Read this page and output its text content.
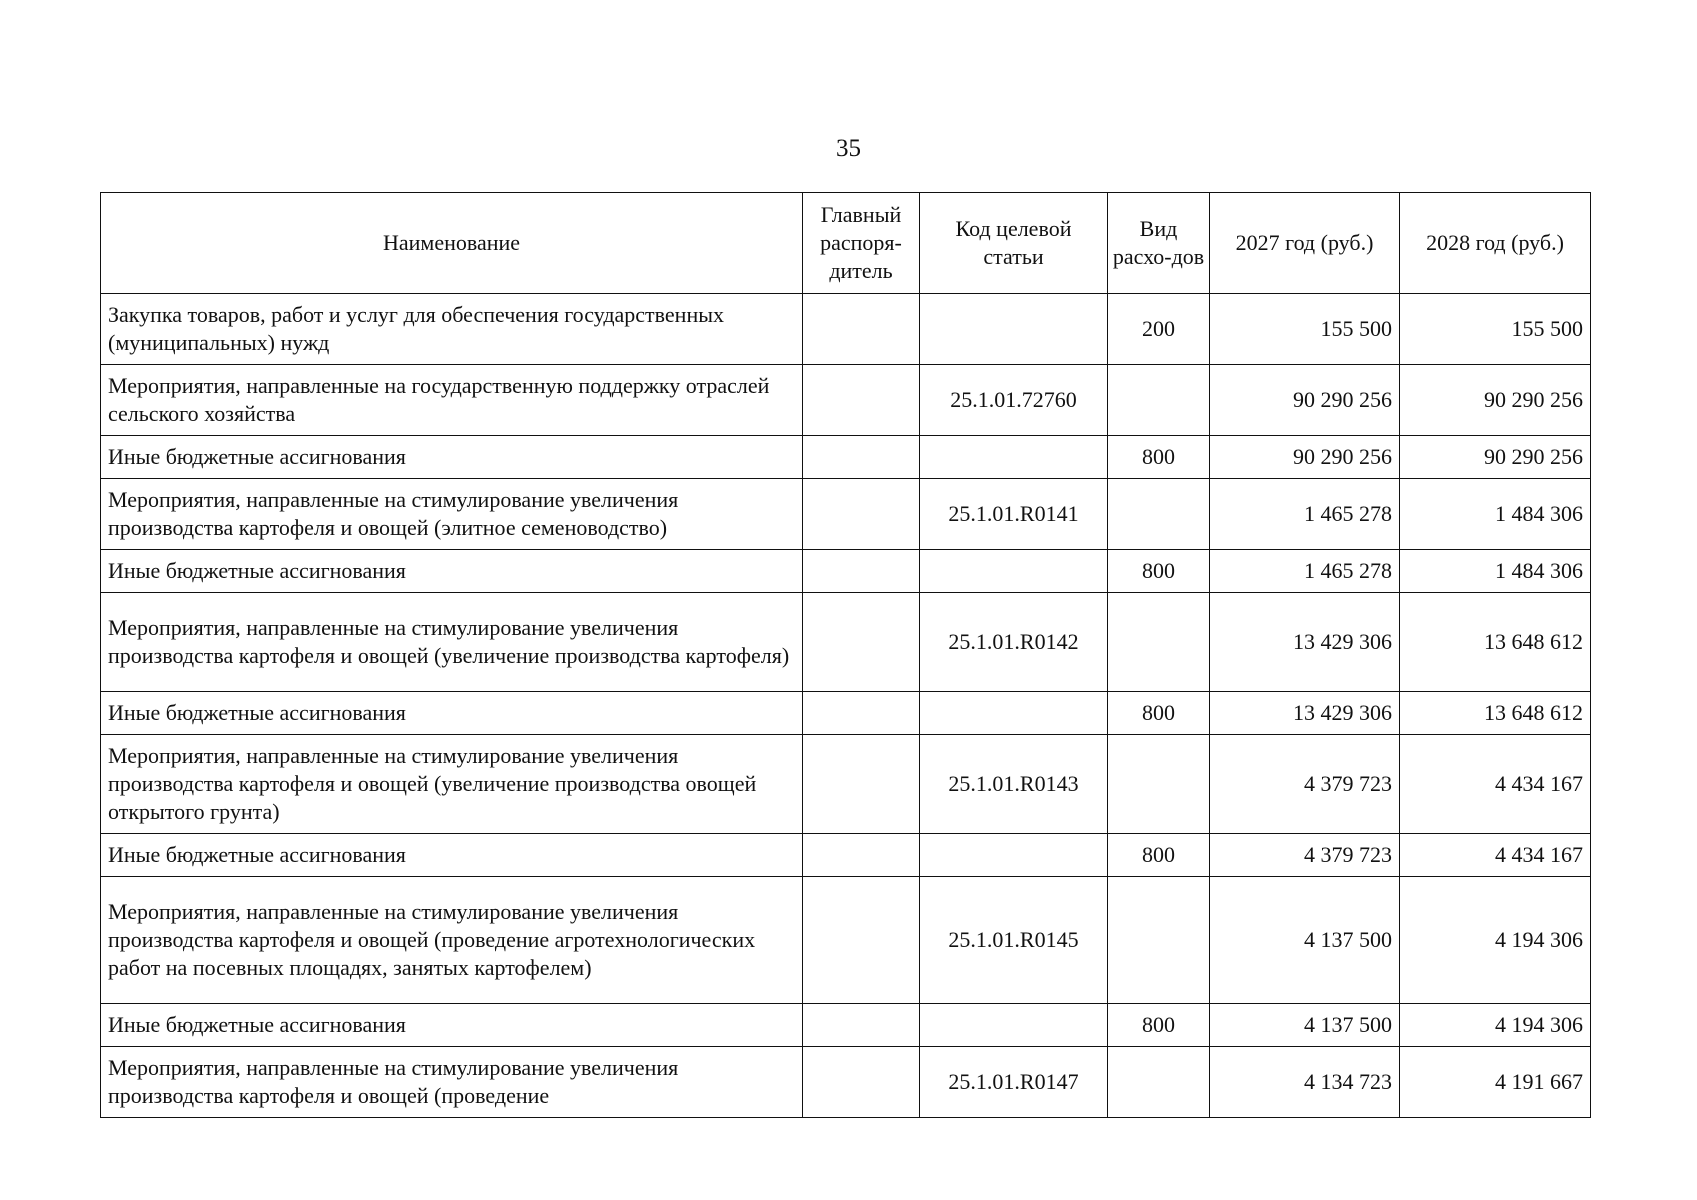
35
Наименование	Главный распоря-дитель	Код целевой статьи	Вид расхо-дов	2027 год (руб.)	2028 год (руб.)
Закупка товаров, работ и услуг для обеспечения государственных (муниципальных) нужд			200	155 500	155 500
Мероприятия, направленные на государственную поддержку отраслей сельского хозяйства		25.1.01.72760		90 290 256	90 290 256
Иные бюджетные ассигнования			800	90 290 256	90 290 256
Мероприятия, направленные на стимулирование увеличения производства картофеля и овощей (элитное семеноводство)		25.1.01.R0141		1 465 278	1 484 306
Иные бюджетные ассигнования			800	1 465 278	1 484 306
Мероприятия, направленные на стимулирование увеличения производства картофеля и овощей (увеличение производства картофеля)		25.1.01.R0142		13 429 306	13 648 612
Иные бюджетные ассигнования			800	13 429 306	13 648 612
Мероприятия, направленные на стимулирование увеличения производства картофеля и овощей (увеличение производства овощей открытого грунта)		25.1.01.R0143		4 379 723	4 434 167
Иные бюджетные ассигнования			800	4 379 723	4 434 167
Мероприятия, направленные на стимулирование увеличения производства картофеля и овощей (проведение агротехнологических работ на посевных площадях, занятых картофелем)		25.1.01.R0145		4 137 500	4 194 306
Иные бюджетные ассигнования			800	4 137 500	4 194 306
Мероприятия, направленные на стимулирование увеличения производства картофеля и овощей (проведение		25.1.01.R0147		4 134 723	4 191 667
